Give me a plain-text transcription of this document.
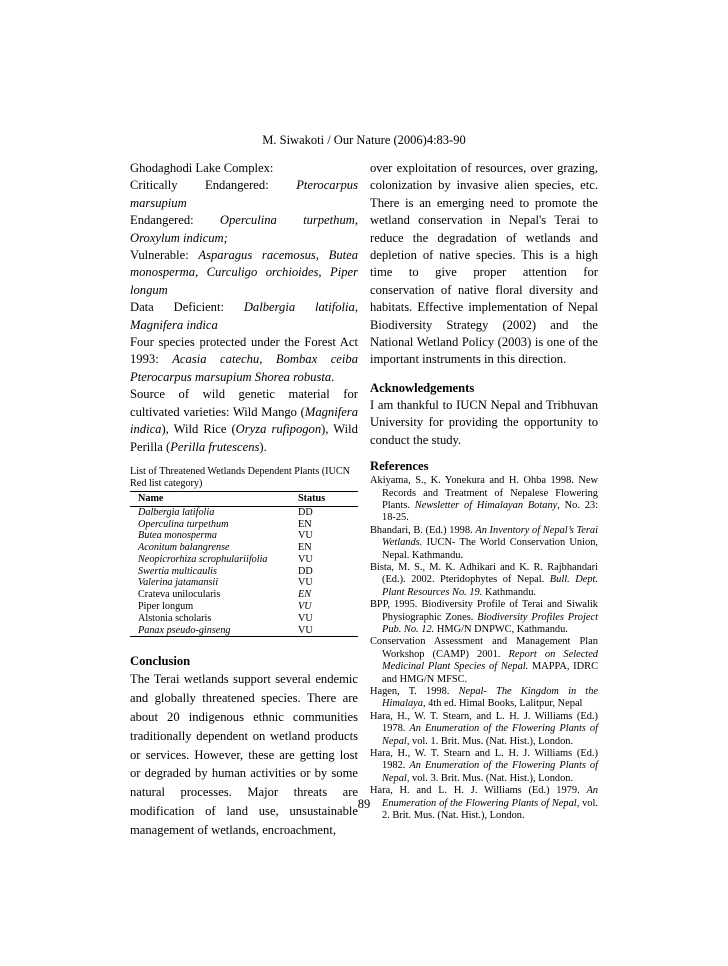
M. Siwakoti / Our Nature (2006)4:83-90

Ghodaghodi Lake Complex:

Critically Endangered: Pterocarpus marsupium

Endangered: Operculina turpethum, Oroxylum indicum;

Vulnerable: Asparagus racemosus, Butea monosperma, Curculigo orchioides, Piper longum

Data Deficient: Dalbergia latifolia, Magnifera indica

Four species protected under the Forest Act 1993: Acasia catechu, Bombax ceiba Pterocarpus marsupium Shorea robusta.

Source of wild genetic material for cultivated varieties: Wild Mango (Magnifera indica), Wild Rice (Oryza rufipogon), Wild Perilla (Perilla frutescens).

List of Threatened Wetlands Dependent Plants (IUCN Red list category)

Name	Status
Dalbergia latifolia	DD
Operculina turpethum	EN
Butea monosperma	VU
Aconitum balangrense	EN
Neopicrorhiza scrophulariifolia	VU
Swertia multicaulis	DD
Valerina jatamansii	VU
Crateva unilocularis	EN
Piper longum	VU
Alstonia scholaris	VU
Panax pseudo-ginseng	VU

Conclusion

The Terai wetlands support several endemic and globally threatened species. There are about 20 indigenous ethnic communities traditionally dependent on wetland products or services. However, these are getting lost or degraded by human activities or by some natural processes. Major threats are modification of land use, unsustainable management of wetlands, encroachment,

over exploitation of resources, over grazing, colonization by invasive alien species, etc. There is an emerging need to promote the wetland conservation in Nepal's Terai to reduce the degradation of wetlands and depletion of native species. This is a high time to give proper attention for conservation of native floral diversity and habitats. Effective implementation of Nepal Biodiversity Strategy (2002) and the National Wetland Policy (2003) is one of the important instruments in this direction.

Acknowledgements

I am thankful to IUCN Nepal and Tribhuvan University for providing the opportunity to conduct the study.

References

Akiyama, S., K. Yonekura and H. Ohba 1998. New Records and Treatment of Nepalese Flowering Plants. Newsletter of Himalayan Botany, No. 23: 18-25.

Bhandari, B. (Ed.) 1998. An Inventory of Nepal’s Terai Wetlands. IUCN- The World Conservation Union, Nepal. Kathmandu.

Bista, M. S., M. K. Adhikari and K. R. Rajbhandari (Ed.). 2002. Pteridophytes of Nepal. Bull. Dept. Plant Resources No. 19. Kathmandu.

BPP, 1995. Biodiversity Profile of Terai and Siwalik Physiographic Zones. Biodiversity Profiles Project Pub. No. 12. HMG/N DNPWC, Kathmandu.

Conservation Assessment and Management Plan Workshop (CAMP) 2001. Report on Selected Medicinal Plant Species of Nepal. MAPPA, IDRC and HMG/N MFSC.

Hagen, T. 1998. Nepal- The Kingdom in the Himalaya, 4th ed. Himal Books, Lalitpur, Nepal

Hara, H., W. T. Stearn, and L. H. J. Williams (Ed.) 1978. An Enumeration of the Flowering Plants of Nepal, vol. 1. Brit. Mus. (Nat. Hist.), London.

Hara, H., W. T. Stearn and L. H. J. Williams (Ed.) 1982. An Enumeration of the Flowering Plants of Nepal, vol. 3. Brit. Mus. (Nat. Hist.), London.

Hara, H. and L. H. J. Williams (Ed.) 1979. An Enumeration of the Flowering Plants of Nepal, vol. 2. Brit. Mus. (Nat. Hist.), London.

89
